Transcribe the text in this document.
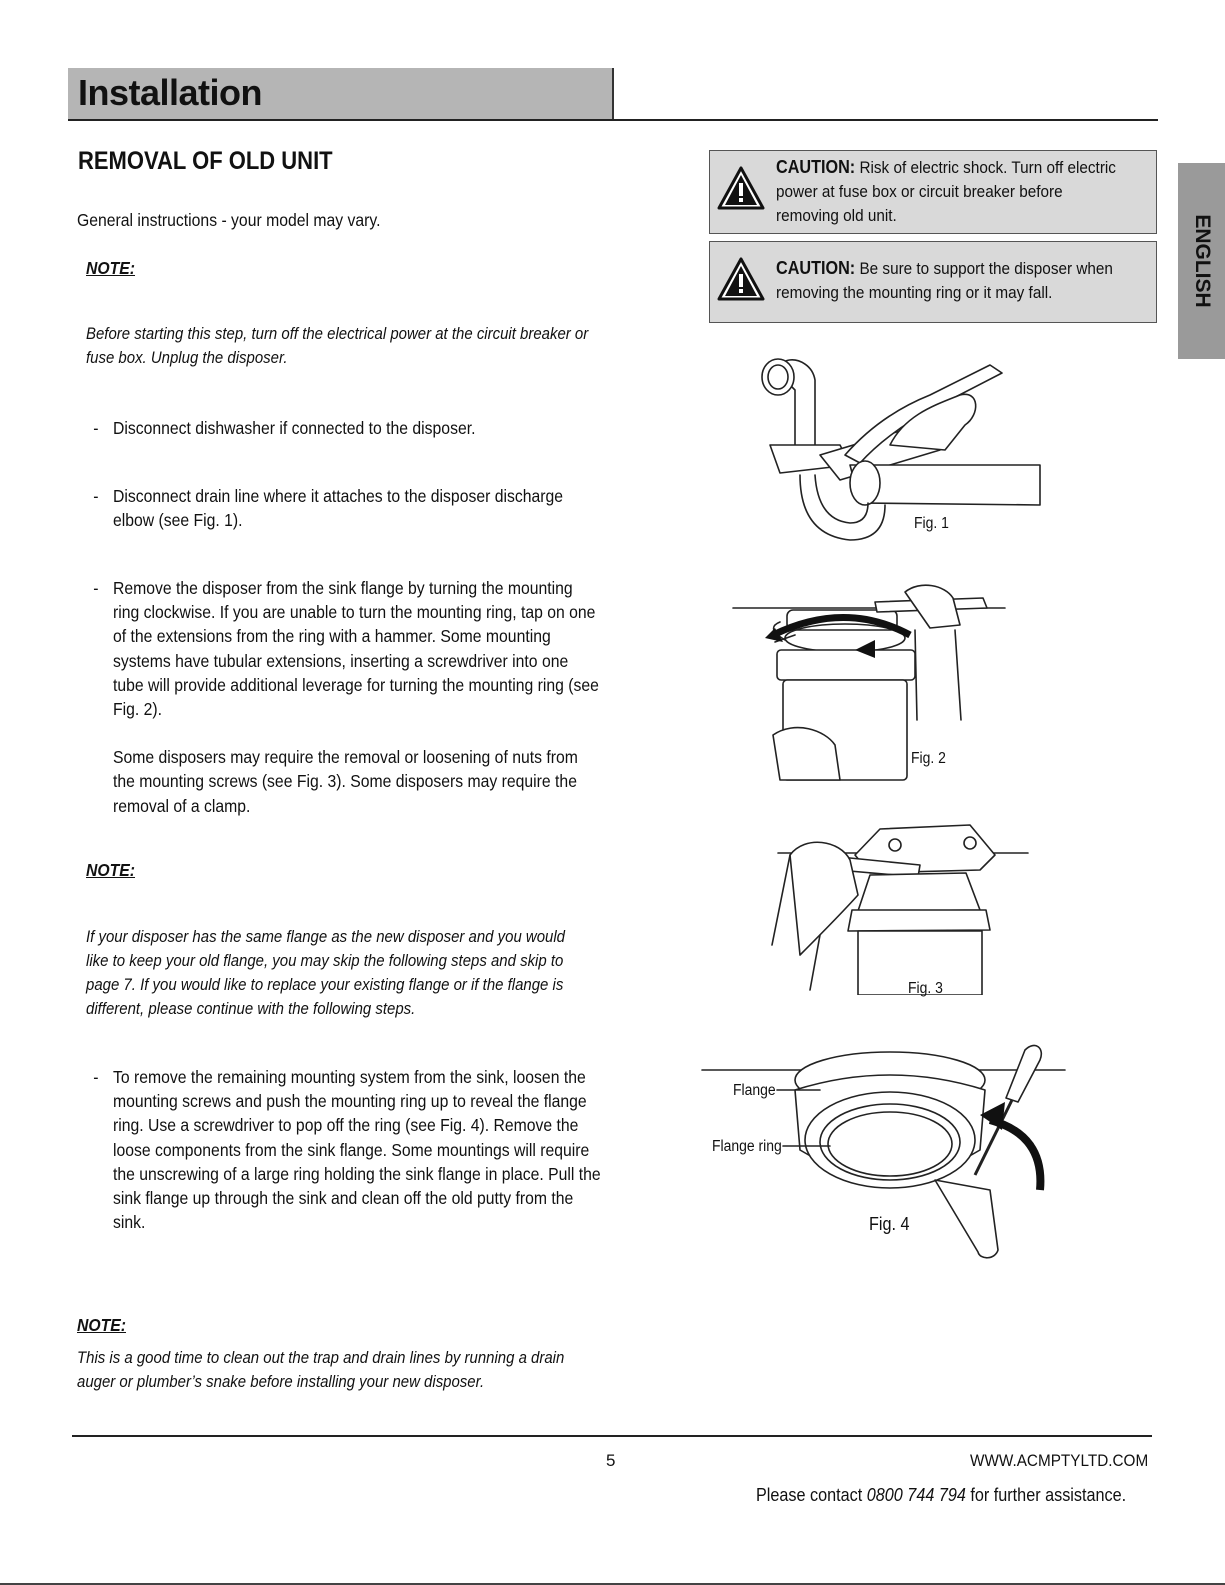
Installation
ENGLISH
REMOVAL OF OLD UNIT
General instructions - your model may vary.
NOTE:
Before starting this step, turn off the electrical power at the circuit breaker or fuse box. Unplug the disposer.
- Disconnect dishwasher if connected to the disposer.

- Disconnect drain line where it attaches to the disposer discharge elbow (see Fig. 1).

- Remove the disposer from the sink flange by turning the mounting ring clockwise. If you are unable to turn the mounting ring, tap on one of the extensions from the ring with a hammer. Some mounting systems have tubular extensions, inserting a screwdriver into one tube will provide additional leverage for turning the mounting ring (see Fig. 2).

Some disposers may require the removal or loosening of nuts from the mounting screws (see Fig. 3). Some disposers may require the removal of a clamp.

NOTE:
If your disposer has the same flange as the new disposer and you would like to keep your old flange, you may skip the following steps and skip to page 7. If you would like to replace your existing flange or if the flange is different, please continue with the following steps.
- To remove the remaining mounting system from the sink, loosen the mounting screws and push the mounting ring up to reveal the flange ring. Use a screwdriver to pop off the ring (see Fig. 4). Remove the loose components from the sink flange. Some mountings will require the unscrewing of a large ring holding the sink flange in place. Pull the sink flange up through the sink and clean off the old putty from the sink.

NOTE:
This is a good time to clean out the trap and drain lines by running a drain auger or plumber’s snake before installing your new disposer.
CAUTION: Risk of electric shock. Turn off electric power at fuse box or circuit breaker before removing old unit.
CAUTION: Be sure to support the disposer when removing the mounting ring or it may fall.
Fig. 1
Fig. 2
Fig. 3
Flange
Flange ring
Fig. 4
5	WWW.ACMPTYLTD.COM
Please contact 0800 744 794 for further assistance.
